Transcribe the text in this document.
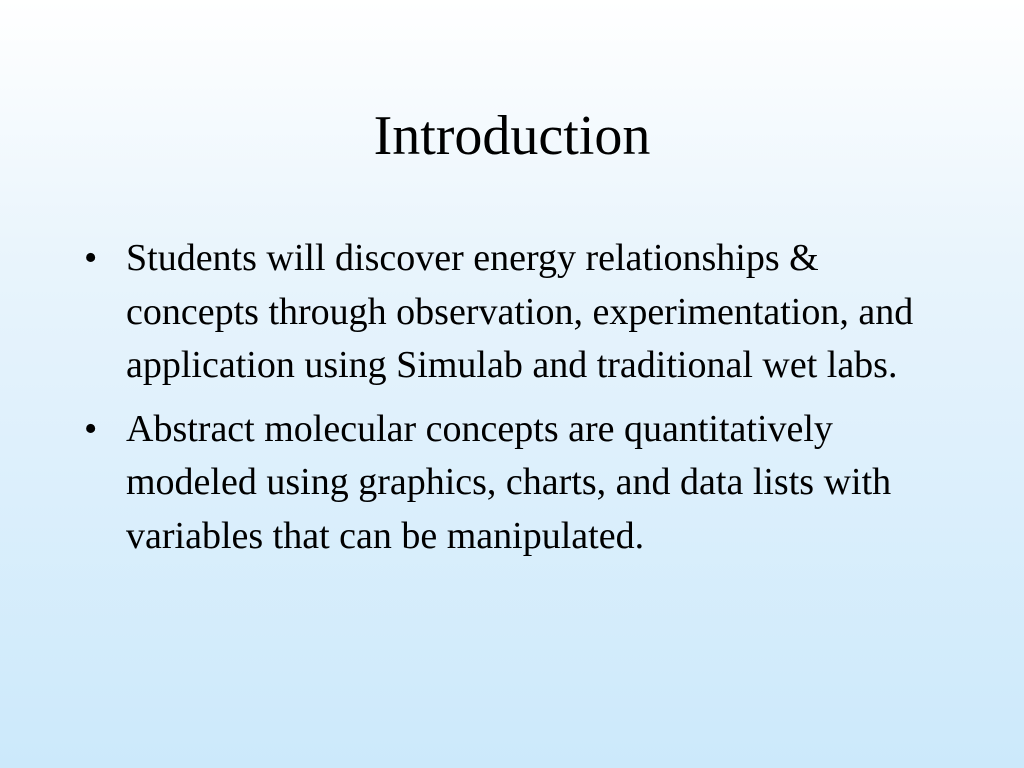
Introduction
• Students will discover energy relationships & concepts through observation, experimentation, and application using Simulab and traditional wet labs.
• Abstract molecular concepts are quantitatively modeled using graphics, charts, and data lists with variables that can be manipulated.
